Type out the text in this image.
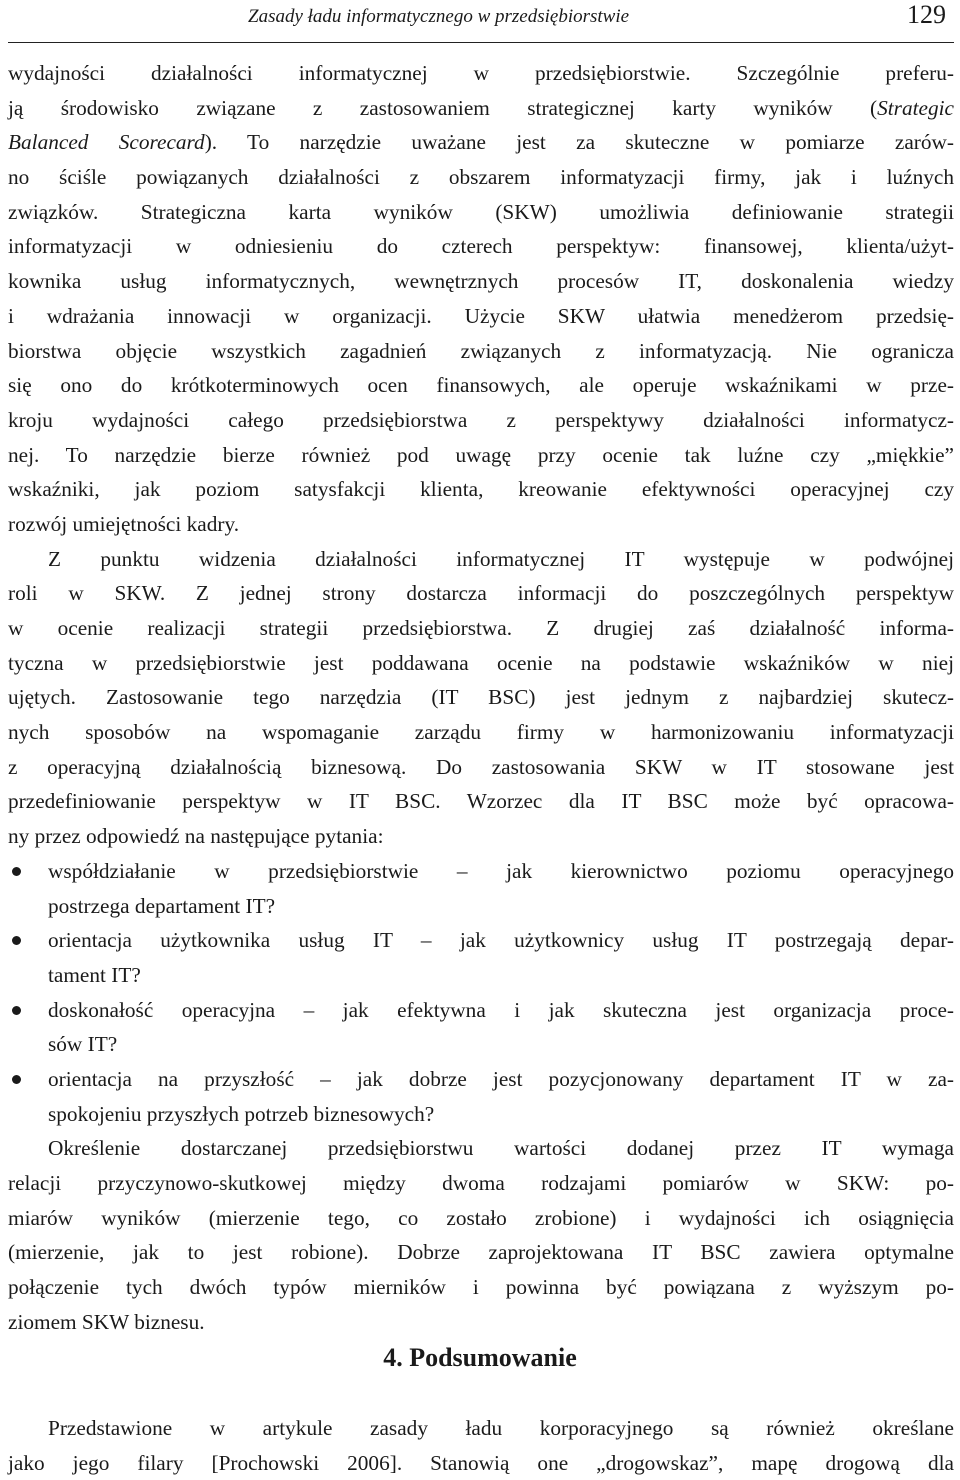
Zasady ładu informatycznego w przedsiębiorstwie	129
wydajności działalności informatycznej w przedsiębiorstwie. Szczególnie preferu-
ją środowisko związane z zastosowaniem strategicznej karty wyników (Strategic
Balanced Scorecard). To narzędzie uważane jest za skuteczne w pomiarze zarów-
no ściśle powiązanych działalności z obszarem informatyzacji firmy, jak i luźnych
związków. Strategiczna karta wyników (SKW) umożliwia definiowanie strategii
informatyzacji w odniesieniu do czterech perspektyw: finansowej, klienta/użyt-
kownika usług informatycznych, wewnętrznych procesów IT, doskonalenia wiedzy
i wdrażania innowacji w organizacji. Użycie SKW ułatwia menedżerom przedsię-
biorstwa objęcie wszystkich zagadnień związanych z informatyzacją. Nie ogranicza
się ono do krótkoterminowych ocen finansowych, ale operuje wskaźnikami w prze-
kroju wydajności całego przedsiębiorstwa z perspektywy działalności informatycz-
nej. To narzędzie bierze również pod uwagę przy ocenie tak luźne czy „miękkie”
wskaźniki, jak poziom satysfakcji klienta, kreowanie efektywności operacyjnej czy
rozwój umiejętności kadry.
Z punktu widzenia działalności informatycznej IT występuje w podwójnej
roli w SKW. Z jednej strony dostarcza informacji do poszczególnych perspektyw
w ocenie realizacji strategii przedsiębiorstwa. Z drugiej zaś działalność informa-
tyczna w przedsiębiorstwie jest poddawana ocenie na podstawie wskaźników w niej
ujętych. Zastosowanie tego narzędzia (IT BSC) jest jednym z najbardziej skutecz-
nych sposobów na wspomaganie zarządu firmy w harmonizowaniu informatyzacji
z operacyjną działalnością biznesową. Do zastosowania SKW w IT stosowane jest
przedefiniowanie perspektyw w IT BSC. Wzorzec dla IT BSC może być opracowa-
ny przez odpowiedź na następujące pytania:
współdziałanie w przedsiębiorstwie – jak kierownictwo poziomu operacyjnego
postrzega departament IT?
orientacja użytkownika usług IT – jak użytkownicy usług IT postrzegają depar-
tament IT?
doskonałość operacyjna – jak efektywna i jak skuteczna jest organizacja proce-
sów IT?
orientacja na przyszłość – jak dobrze jest pozycjonowany departament IT w za-
spokojeniu przyszłych potrzeb biznesowych?
Określenie dostarczanej przedsiębiorstwu wartości dodanej przez IT wymaga
relacji przyczynowo-skutkowej między dwoma rodzajami pomiarów w SKW: po-
miarów wyników (mierzenie tego, co zostało zrobione) i wydajności ich osiągnięcia
(mierzenie, jak to jest robione). Dobrze zaprojektowana IT BSC zawiera optymalne
połączenie tych dwóch typów mierników i powinna być powiązana z wyższym po-
ziomem SKW biznesu.
4. Podsumowanie
Przedstawione w artykule zasady ładu korporacyjnego są również określane
jako jego filary [Prochowski 2006]. Stanowią one „drogowskaz”, mapę drogową dla
